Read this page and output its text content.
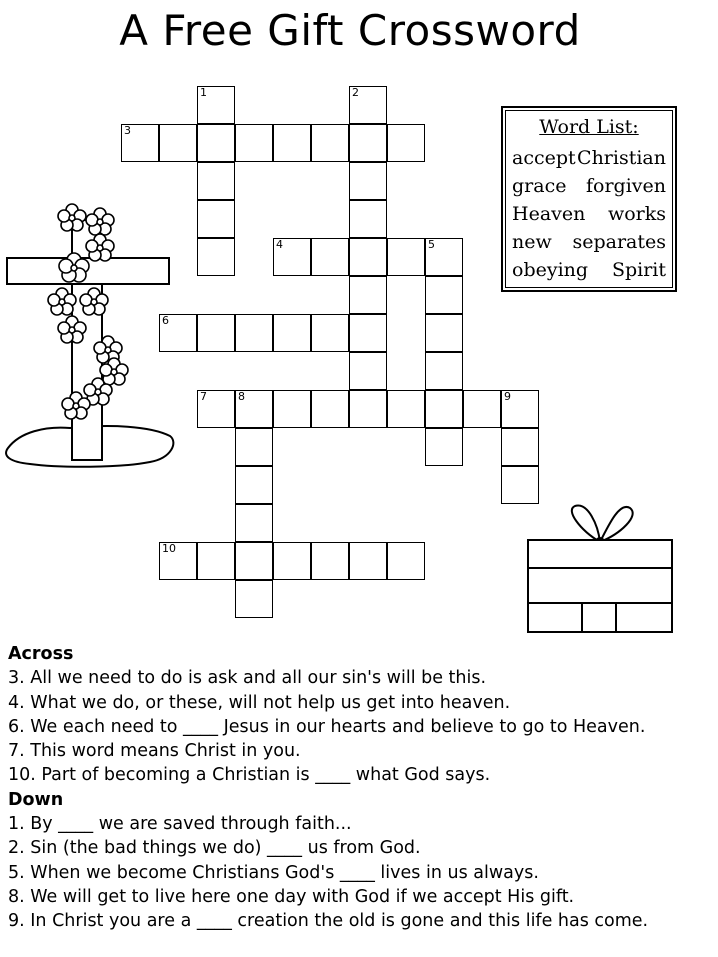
A Free Gift Crossword
1	2
3
4	5
6
7	8	9
10
Word List:
accept Christian
grace forgiven
Heaven works
new separates
obeying Spirit
Across
3. All we need to do is ask and all our sin's will be this.
4. What we do, or these, will not help us get into heaven.
6. We each need to ____ Jesus in our hearts and believe to go to Heaven.
7. This word means Christ in you.
10. Part of becoming a Christian is ____ what God says.
Down
1. By ____ we are saved through faith...
2. Sin (the bad things we do) ____ us from God.
5. When we become Christians God's ____ lives in us always.
8. We will get to live here one day with God if we accept His gift.
9. In Christ you are a ____ creation the old is gone and this life has come.
